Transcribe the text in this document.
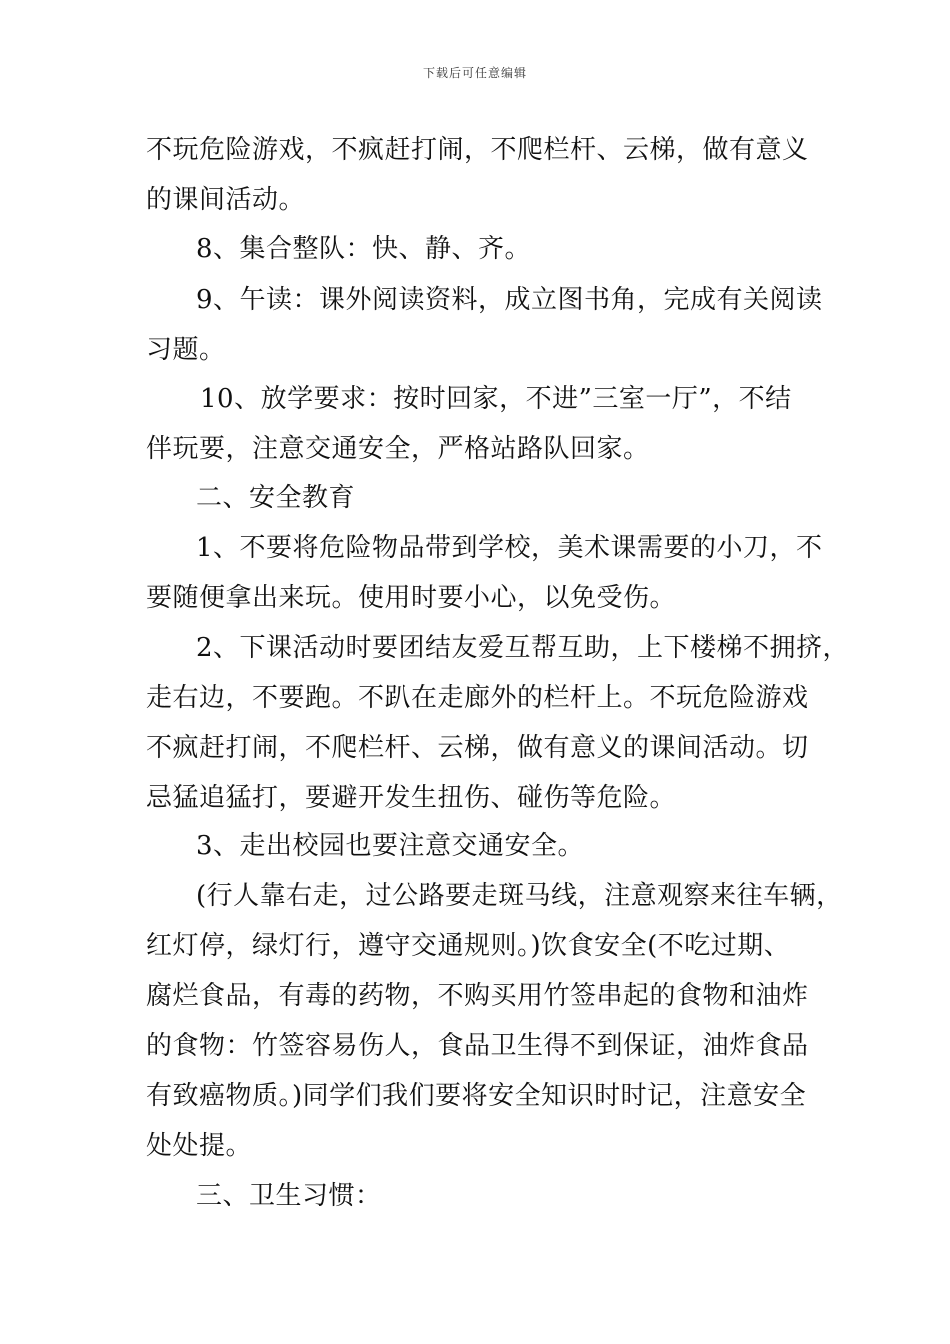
下载后可任意编辑
不玩危险游戏，不疯赶打闹，不爬栏杆、云梯，做有意义
的课间活动。
8、集合整队：快、静、齐。
9、午读：课外阅读资料，成立图书角，完成有关阅读
习题。
10、放学要求：按时回家，不进”三室一厅”，不结
伴玩要，注意交通安全，严格站路队回家。
二、安全教育
1、不要将危险物品带到学校，美术课需要的小刀，不
要随便拿出来玩。使用时要小心，以免受伤。
2、下课活动时要团结友爱互帮互助，上下楼梯不拥挤，
走右边，不要跑。不趴在走廊外的栏杆上。不玩危险游戏
不疯赶打闹，不爬栏杆、云梯，做有意义的课间活动。切
忌猛追猛打，要避开发生扭伤、碰伤等危险。
3、走出校园也要注意交通安全。
(行人靠右走，过公路要走斑马线，注意观察来往车辆，
红灯停，绿灯行，遵守交通规则。)饮食安全(不吃过期、
腐烂食品，有毒的药物，不购买用竹签串起的食物和油炸
的食物：竹签容易伤人，食品卫生得不到保证，油炸食品
有致癌物质。)同学们我们要将安全知识时时记，注意安全
处处提。
三、卫生习惯：
